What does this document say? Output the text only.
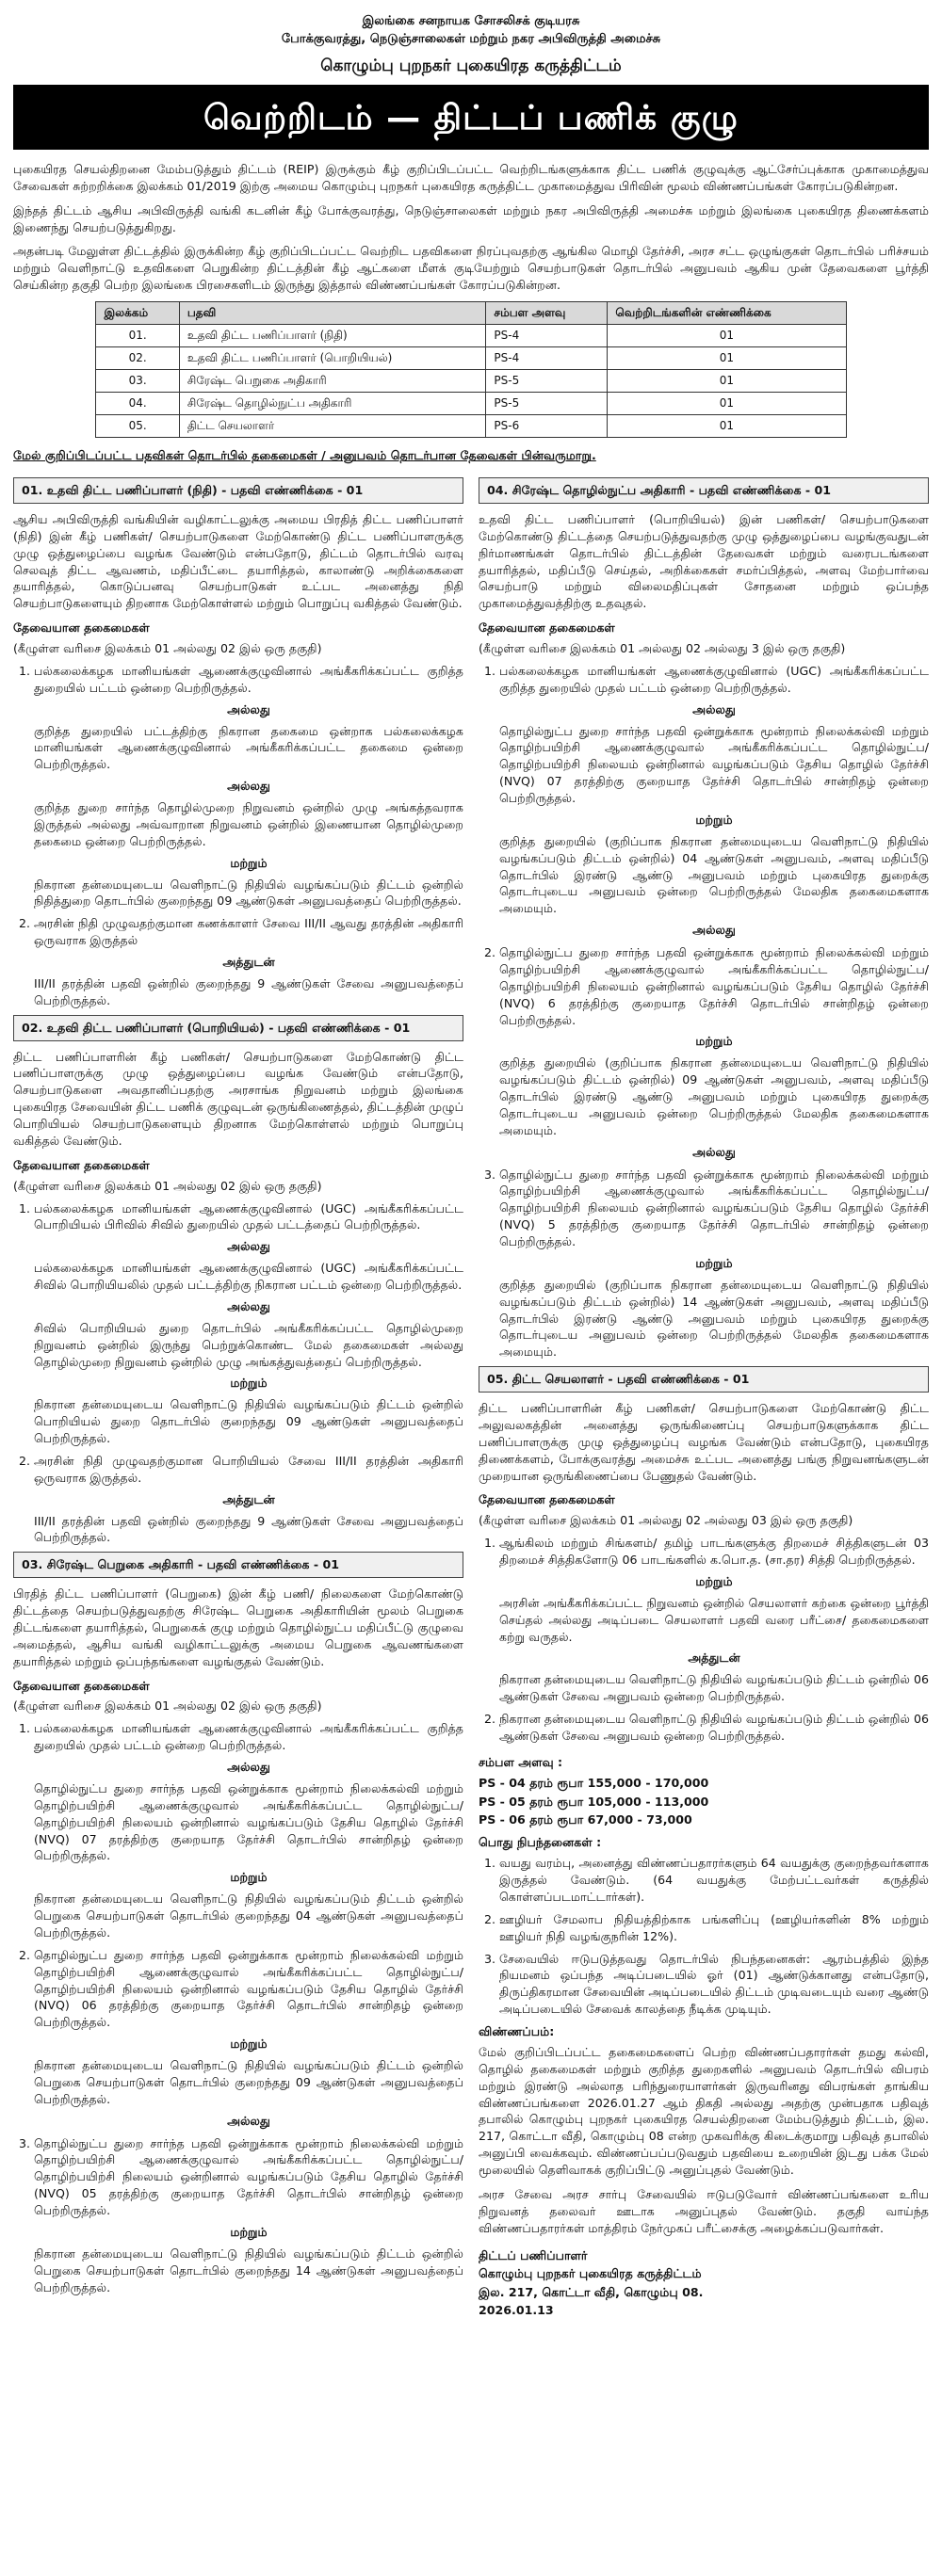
இலங்கை சனநாயக சோசலிசக் குடியரசு

போக்குவரத்து, நெடுஞ்சாலைகள் மற்றும் நகர அபிவிருத்தி அமைச்சு

கொழும்பு புறநகர் புகையிரத கருத்திட்டம்

வெற்றிடம் — திட்டப் பணிக் குழு

புகையிரத செயல்திறனை மேம்படுத்தும் திட்டம் (REIP) இருக்கும் கீழ் குறிப்பிடப்பட்ட வெற்றிடங்களுக்காக திட்ட பணிக் குழுவுக்கு ஆட்சேர்ப்புக்காக முகாமைத்துவ சேவைகள் சுற்றறிக்கை இலக்கம் 01/2019 இற்கு அமைய கொழும்பு புறநகர் புகையிரத கருத்திட்ட முகாமைத்துவ பிரிவின் மூலம் விண்ணப்பங்கள் கோரப்படுகின்றன.

இந்தத் திட்டம் ஆசிய அபிவிருத்தி வங்கி கடனின் கீழ் போக்குவரத்து, நெடுஞ்சாலைகள் மற்றும் நகர அபிவிருத்தி அமைச்சு மற்றும் இலங்கை புகையிரத திணைக்களம் இணைந்து செயற்படுத்துகிறது.

அதன்படி மேலுள்ள திட்டத்தில் இருக்கின்ற கீழ் குறிப்பிடப்பட்ட வெற்றிட பதவிகளை நிரப்புவதற்கு ஆங்கில மொழி தேர்ச்சி, அரச சட்ட ஒழுங்குகள் தொடர்பில் பரிச்சயம் மற்றும் வெளிநாட்டு உதவிகளை பெறுகின்ற திட்டத்தின் கீழ் ஆட்களை மீளக் குடியேற்றும் செயற்பாடுகள் தொடர்பில் அனுபவம் ஆகிய முன் தேவைகளை பூர்த்தி செய்கின்ற தகுதி பெற்ற இலங்கை பிரசைகளிடம் இருந்து இத்தால் விண்ணப்பங்கள் கோரப்படுகின்றன.

இலக்கம்	பதவி	சம்பள அளவு	வெற்றிடங்களின் எண்ணிக்கை
01.	உதவி திட்ட பணிப்பாளர் (நிதி)	PS-4	01
02.	உதவி திட்ட பணிப்பாளர் (பொறியியல்)	PS-4	01
03.	சிரேஷ்ட பெறுகை அதிகாரி	PS-5	01
04.	சிரேஷ்ட தொழில்நுட்ப அதிகாரி	PS-5	01
05.	திட்ட செயலாளர்	PS-6	01

மேல் குறிப்பிடப்பட்ட பதவிகள் தொடர்பில் தகைமைகள் / அனுபவம் தொடர்பான தேவைகள் பின்வருமாறு.

01. உதவி திட்ட பணிப்பாளர் (நிதி) - பதவி எண்ணிக்கை - 01

ஆசிய அபிவிருத்தி வங்கியின் வழிகாட்டலுக்கு அமைய பிரதித் திட்ட பணிப்பாளர் (நிதி) இன் கீழ் பணிகள்/ செயற்பாடுகளை மேற்கொண்டு திட்ட பணிப்பாளருக்கு முழு ஒத்துழைப்பை வழங்க வேண்டும் என்பதோடு, திட்டம் தொடர்பில் வரவு செலவுத் திட்ட ஆவணம், மதிப்பீட்டை தயாரித்தல், காலாண்டு அறிக்கைகளை தயாரித்தல், கொடுப்பனவு செயற்பாடுகள் உட்பட அனைத்து நிதி செயற்பாடுகளையும் திறனாக மேற்கொள்ளல் மற்றும் பொறுப்பு வகித்தல் வேண்டும்.

தேவையான தகைமைகள்
(கீழுள்ள வரிசை இலக்கம் 01 அல்லது 02 இல் ஒரு தகுதி)
1. பல்கலைக்கழக மானியங்கள் ஆணைக்குழுவினால் அங்கீகரிக்கப்பட்ட குறித்த துறையில் பட்டம் ஒன்றை பெற்றிருத்தல்.
அல்லது
குறித்த துறையில் பட்டத்திற்கு நிகரான தகைமை ஒன்றாக பல்கலைக்கழக மானியங்கள் ஆணைக்குழுவினால் அங்கீகரிக்கப்பட்ட தகைமை ஒன்றை பெற்றிருத்தல்.
அல்லது
குறித்த துறை சார்ந்த தொழில்முறை நிறுவனம் ஒன்றில் முழு அங்கத்தவராக இருத்தல் அல்லது அவ்வாறான நிறுவனம் ஒன்றில் இணையான தொழில்முறை தகைமை ஒன்றை பெற்றிருத்தல்.
மற்றும்
நிகரான தன்மையுடைய வெளிநாட்டு நிதியில் வழங்கப்படும் திட்டம் ஒன்றில் நிதித்துறை தொடர்பில் குறைந்தது 09 ஆண்டுகள் அனுபவத்தைப் பெற்றிருத்தல்.
2. அரசின் நிதி முழுவதற்குமான கணக்காளர் சேவை III/II ஆவது தரத்தின் அதிகாரி ஒருவராக இருத்தல்
அத்துடன்
III/II தரத்தின் பதவி ஒன்றில் குறைந்தது 9 ஆண்டுகள் சேவை அனுபவத்தைப் பெற்றிருத்தல்.
02. உதவி திட்ட பணிப்பாளர் (பொறியியல்) - பதவி எண்ணிக்கை - 01

திட்ட பணிப்பாளரின் கீழ் பணிகள்/ செயற்பாடுகளை மேற்கொண்டு திட்ட பணிப்பாளருக்கு முழு ஒத்துழைப்பை வழங்க வேண்டும் என்பதோடு, செயற்பாடுகளை அவதானிப்பதற்கு அரசாங்க நிறுவனம் மற்றும் இலங்கை புகையிரத சேவையின் திட்ட பணிக் குழுவுடன் ஒருங்கிணைத்தல், திட்டத்தின் முழுப் பொறியியல் செயற்பாடுகளையும் திறனாக மேற்கொள்ளல் மற்றும் பொறுப்பு வகித்தல் வேண்டும்.

தேவையான தகைமைகள்
(கீழுள்ள வரிசை இலக்கம் 01 அல்லது 02 இல் ஒரு தகுதி)
1. பல்கலைக்கழக மானியங்கள் ஆணைக்குழுவினால் (UGC) அங்கீகரிக்கப்பட்ட பொறியியல் பிரிவில் சிவில் துறையில் முதல் பட்டத்தைப் பெற்றிருத்தல்.
அல்லது
பல்கலைக்கழக மானியங்கள் ஆணைக்குழுவினால் (UGC) அங்கீகரிக்கப்பட்ட சிவில் பொறியியலில் முதல் பட்டத்திற்கு நிகரான பட்டம் ஒன்றை பெற்றிருத்தல்.
அல்லது
சிவில் பொறியியல் துறை தொடர்பில் அங்கீகரிக்கப்பட்ட தொழில்முறை நிறுவனம் ஒன்றில் இருந்து பெற்றுக்கொண்ட மேல் தகைமைகள் அல்லது தொழில்முறை நிறுவனம் ஒன்றில் முழு அங்கத்துவத்தைப் பெற்றிருத்தல்.
மற்றும்
நிகரான தன்மையுடைய வெளிநாட்டு நிதியில் வழங்கப்படும் திட்டம் ஒன்றில் பொறியியல் துறை தொடர்பில் குறைந்தது 09 ஆண்டுகள் அனுபவத்தைப் பெற்றிருத்தல்.
2. அரசின் நிதி முழுவதற்குமான பொறியியல் சேவை III/II தரத்தின் அதிகாரி ஒருவராக இருத்தல்.
அத்துடன்
III/II தரத்தின் பதவி ஒன்றில் குறைந்தது 9 ஆண்டுகள் சேவை அனுபவத்தைப் பெற்றிருத்தல்.
03. சிரேஷ்ட பெறுகை அதிகாரி - பதவி எண்ணிக்கை - 01

பிரதித் திட்ட பணிப்பாளர் (பெறுகை) இன் கீழ் பணி/ நிலைகளை மேற்கொண்டு திட்டத்தை செயற்படுத்துவதற்கு சிரேஷ்ட பெறுகை அதிகாரியின் மூலம் பெறுகை திட்டங்களை தயாரித்தல், பெறுகைக் குழு மற்றும் தொழில்நுட்ப மதிப்பீட்டு குழுவை அமைத்தல், ஆசிய வங்கி வழிகாட்டலுக்கு அமைய பெறுகை ஆவணங்களை தயாரித்தல் மற்றும் ஒப்பந்தங்களை வழங்குதல் வேண்டும்.

தேவையான தகைமைகள்
(கீழுள்ள வரிசை இலக்கம் 01 அல்லது 02 இல் ஒரு தகுதி)
1. பல்கலைக்கழக மானியங்கள் ஆணைக்குழுவினால் அங்கீகரிக்கப்பட்ட குறித்த துறையில் முதல் பட்டம் ஒன்றை பெற்றிருத்தல்.
அல்லது
தொழில்நுட்ப துறை சார்ந்த பதவி ஒன்றுக்காக மூன்றாம் நிலைக்கல்வி மற்றும் தொழிற்பயிற்சி ஆணைக்குழுவால் அங்கீகரிக்கப்பட்ட தொழில்நுட்ப/ தொழிற்பயிற்சி நிலையம் ஒன்றினால் வழங்கப்படும் தேசிய தொழில் தேர்ச்சி (NVQ) 07 தரத்திற்கு குறையாத தேர்ச்சி தொடர்பில் சான்றிதழ் ஒன்றை பெற்றிருத்தல்.
மற்றும்
நிகரான தன்மையுடைய வெளிநாட்டு நிதியில் வழங்கப்படும் திட்டம் ஒன்றில் பெறுகை செயற்பாடுகள் தொடர்பில் குறைந்தது 04 ஆண்டுகள் அனுபவத்தைப் பெற்றிருத்தல்.
2. தொழில்நுட்ப துறை சார்ந்த பதவி ஒன்றுக்காக மூன்றாம் நிலைக்கல்வி மற்றும் தொழிற்பயிற்சி ஆணைக்குழுவால் அங்கீகரிக்கப்பட்ட தொழில்நுட்ப/ தொழிற்பயிற்சி நிலையம் ஒன்றினால் வழங்கப்படும் தேசிய தொழில் தேர்ச்சி (NVQ) 06 தரத்திற்கு குறையாத தேர்ச்சி தொடர்பில் சான்றிதழ் ஒன்றை பெற்றிருத்தல்.
மற்றும்
நிகரான தன்மையுடைய வெளிநாட்டு நிதியில் வழங்கப்படும் திட்டம் ஒன்றில் பெறுகை செயற்பாடுகள் தொடர்பில் குறைந்தது 09 ஆண்டுகள் அனுபவத்தைப் பெற்றிருத்தல்.
அல்லது
3. தொழில்நுட்ப துறை சார்ந்த பதவி ஒன்றுக்காக மூன்றாம் நிலைக்கல்வி மற்றும் தொழிற்பயிற்சி ஆணைக்குழுவால் அங்கீகரிக்கப்பட்ட தொழில்நுட்ப/ தொழிற்பயிற்சி நிலையம் ஒன்றினால் வழங்கப்படும் தேசிய தொழில் தேர்ச்சி (NVQ) 05 தரத்திற்கு குறையாத தேர்ச்சி தொடர்பில் சான்றிதழ் ஒன்றை பெற்றிருத்தல்.
மற்றும்
நிகரான தன்மையுடைய வெளிநாட்டு நிதியில் வழங்கப்படும் திட்டம் ஒன்றில் பெறுகை செயற்பாடுகள் தொடர்பில் குறைந்தது 14 ஆண்டுகள் அனுபவத்தைப் பெற்றிருத்தல்.
04. சிரேஷ்ட தொழில்நுட்ப அதிகாரி - பதவி எண்ணிக்கை - 01

உதவி திட்ட பணிப்பாளர் (பொறியியல்) இன் பணிகள்/ செயற்பாடுகளை மேற்கொண்டு திட்டத்தை செயற்படுத்துவதற்கு முழு ஒத்துழைப்பை வழங்குவதுடன் நிர்மாணங்கள் தொடர்பில் திட்டத்தின் தேவைகள் மற்றும் வரைபடங்களை தயாரித்தல், மதிப்பீடு செய்தல், அறிக்கைகள் சமர்ப்பித்தல், அளவு மேற்பார்வை செயற்பாடு மற்றும் விலைமதிப்புகள் சோதனை மற்றும் ஒப்பந்த முகாமைத்துவத்திற்கு உதவுதல்.

தேவையான தகைமைகள்
(கீழுள்ள வரிசை இலக்கம் 01 அல்லது 02 அல்லது 3 இல் ஒரு தகுதி)
1. பல்கலைக்கழக மானியங்கள் ஆணைக்குழுவினால் (UGC) அங்கீகரிக்கப்பட்ட குறித்த துறையில் முதல் பட்டம் ஒன்றை பெற்றிருத்தல்.
அல்லது
தொழில்நுட்ப துறை சார்ந்த பதவி ஒன்றுக்காக மூன்றாம் நிலைக்கல்வி மற்றும் தொழிற்பயிற்சி ஆணைக்குழுவால் அங்கீகரிக்கப்பட்ட தொழில்நுட்ப/ தொழிற்பயிற்சி நிலையம் ஒன்றினால் வழங்கப்படும் தேசிய தொழில் தேர்ச்சி (NVQ) 07 தரத்திற்கு குறையாத தேர்ச்சி தொடர்பில் சான்றிதழ் ஒன்றை பெற்றிருத்தல்.
மற்றும்
குறித்த துறையில் (குறிப்பாக நிகரான தன்மையுடைய வெளிநாட்டு நிதியில் வழங்கப்படும் திட்டம் ஒன்றில்) 04 ஆண்டுகள் அனுபவம், அளவு மதிப்பீடு தொடர்பில் இரண்டு ஆண்டு அனுபவம் மற்றும் புகையிரத துறைக்கு தொடர்புடைய அனுபவம் ஒன்றை பெற்றிருத்தல் மேலதிக தகைமைகளாக அமையும்.
அல்லது
2. தொழில்நுட்ப துறை சார்ந்த பதவி ஒன்றுக்காக மூன்றாம் நிலைக்கல்வி மற்றும் தொழிற்பயிற்சி ஆணைக்குழுவால் அங்கீகரிக்கப்பட்ட தொழில்நுட்ப/ தொழிற்பயிற்சி நிலையம் ஒன்றினால் வழங்கப்படும் தேசிய தொழில் தேர்ச்சி (NVQ) 6 தரத்திற்கு குறையாத தேர்ச்சி தொடர்பில் சான்றிதழ் ஒன்றை பெற்றிருத்தல்.
மற்றும்
குறித்த துறையில் (குறிப்பாக நிகரான தன்மையுடைய வெளிநாட்டு நிதியில் வழங்கப்படும் திட்டம் ஒன்றில்) 09 ஆண்டுகள் அனுபவம், அளவு மதிப்பீடு தொடர்பில் இரண்டு ஆண்டு அனுபவம் மற்றும் புகையிரத துறைக்கு தொடர்புடைய அனுபவம் ஒன்றை பெற்றிருத்தல் மேலதிக தகைமைகளாக அமையும்.
அல்லது
3. தொழில்நுட்ப துறை சார்ந்த பதவி ஒன்றுக்காக மூன்றாம் நிலைக்கல்வி மற்றும் தொழிற்பயிற்சி ஆணைக்குழுவால் அங்கீகரிக்கப்பட்ட தொழில்நுட்ப/ தொழிற்பயிற்சி நிலையம் ஒன்றினால் வழங்கப்படும் தேசிய தொழில் தேர்ச்சி (NVQ) 5 தரத்திற்கு குறையாத தேர்ச்சி தொடர்பில் சான்றிதழ் ஒன்றை பெற்றிருத்தல்.
மற்றும்
குறித்த துறையில் (குறிப்பாக நிகரான தன்மையுடைய வெளிநாட்டு நிதியில் வழங்கப்படும் திட்டம் ஒன்றில்) 14 ஆண்டுகள் அனுபவம், அளவு மதிப்பீடு தொடர்பில் இரண்டு ஆண்டு அனுபவம் மற்றும் புகையிரத துறைக்கு தொடர்புடைய அனுபவம் ஒன்றை பெற்றிருத்தல் மேலதிக தகைமைகளாக அமையும்.
05. திட்ட செயலாளர் - பதவி எண்ணிக்கை - 01

திட்ட பணிப்பாளரின் கீழ் பணிகள்/ செயற்பாடுகளை மேற்கொண்டு திட்ட அலுவலகத்தின் அனைத்து ஒருங்கிணைப்பு செயற்பாடுகளுக்காக திட்ட பணிப்பாளருக்கு முழு ஒத்துழைப்பு வழங்க வேண்டும் என்பதோடு, புகையிரத திணைக்களம், போக்குவரத்து அமைச்சு உட்பட அனைத்து பங்கு நிறுவனங்களுடன் முறையான ஒருங்கிணைப்பை பேணுதல் வேண்டும்.

தேவையான தகைமைகள்
(கீழுள்ள வரிசை இலக்கம் 01 அல்லது 02 அல்லது 03 இல் ஒரு தகுதி)
1. ஆங்கிலம் மற்றும் சிங்களம்/ தமிழ் பாடங்களுக்கு திறமைச் சித்திகளுடன் 03 திறமைச் சித்திகளோடு 06 பாடங்களில் க.பொ.த. (சா.தர) சித்தி பெற்றிருத்தல்.
மற்றும்
அரசின் அங்கீகரிக்கப்பட்ட நிறுவனம் ஒன்றில் செயலாளர் கற்கை ஒன்றை பூர்த்தி செய்தல் அல்லது அடிப்படை செயலாளர் பதவி வரை பரீட்சை/ தகைமைகளை கற்று வருதல்.
அத்துடன்
நிகரான தன்மையுடைய வெளிநாட்டு நிதியில் வழங்கப்படும் திட்டம் ஒன்றில் 06 ஆண்டுகள் சேவை அனுபவம் ஒன்றை பெற்றிருத்தல்.
2. நிகரான தன்மையுடைய வெளிநாட்டு நிதியில் வழங்கப்படும் திட்டம் ஒன்றில் 06 ஆண்டுகள் சேவை அனுபவம் ஒன்றை பெற்றிருத்தல்.
சம்பள அளவு :
PS - 04 தரம் ரூபா 155,000 - 170,000
PS - 05 தரம் ரூபா 105,000 - 113,000
PS - 06 தரம் ரூபா 67,000 - 73,000
பொது நிபந்தனைகள் :
1. வயது வரம்பு, அனைத்து விண்ணப்பதாரர்களும் 64 வயதுக்கு குறைந்தவர்களாக இருத்தல் வேண்டும். (64 வயதுக்கு மேற்பட்டவர்கள் கருத்தில் கொள்ளப்படமாட்டார்கள்).
2. ஊழியர் சேமலாப நிதியத்திற்காக பங்களிப்பு (ஊழியர்களின் 8% மற்றும் ஊழியர் நிதி வழங்குநரின் 12%).
3. சேவையில் ஈடுபடுத்தவது தொடர்பில் நிபந்தனைகள்: ஆரம்பத்தில் இந்த நியமனம் ஒப்பந்த அடிப்படையில் ஓர் (01) ஆண்டுக்கானது என்பதோடு, திருப்திகரமான சேவையின் அடிப்படையில் திட்டம் முடிவடையும் வரை ஆண்டு அடிப்படையில் சேவைக் காலத்தை நீடிக்க முடியும்.
விண்ணப்பம்:

மேல் குறிப்பிடப்பட்ட தகைமைகளைப் பெற்ற விண்ணப்பதாரர்கள் தமது கல்வி, தொழில் தகைமைகள் மற்றும் குறித்த துறைகளில் அனுபவம் தொடர்பில் விபரம் மற்றும் இரண்டு அல்லாத பரிந்துரையாளர்கள் இருவரினது விபரங்கள் தாங்கிய விண்ணப்பங்களை 2026.01.27 ஆம் திகதி அல்லது அதற்கு முன்பதாக பதிவுத் தபாலில் கொழும்பு புறநகர் புகையிரத செயல்திறனை மேம்படுத்தும் திட்டம், இல. 217, கொட்டா வீதி, கொழும்பு 08 என்ற முகவரிக்கு கிடைக்குமாறு பதிவுத் தபாலில் அனுப்பி வைக்கவும். விண்ணப்பப்படுவதும் பதவியை உறையின் இடது பக்க மேல் மூலையில் தெளிவாகக் குறிப்பிட்டு அனுப்புதல் வேண்டும்.

அரச சேவை அரச சார்பு சேவையில் ஈடுபடுவோர் விண்ணப்பங்களை உரிய நிறுவனத் தலைவர் ஊடாக அனுப்புதல் வேண்டும். தகுதி வாய்ந்த விண்ணப்பதாரர்கள் மாத்திரம் நேர்முகப் பரீட்சைக்கு அழைக்கப்படுவார்கள்.

திட்டப் பணிப்பாளர்
கொழும்பு புறநகர் புகையிரத கருத்திட்டம்
இல. 217, கொட்டா வீதி, கொழும்பு 08.
2026.01.13
